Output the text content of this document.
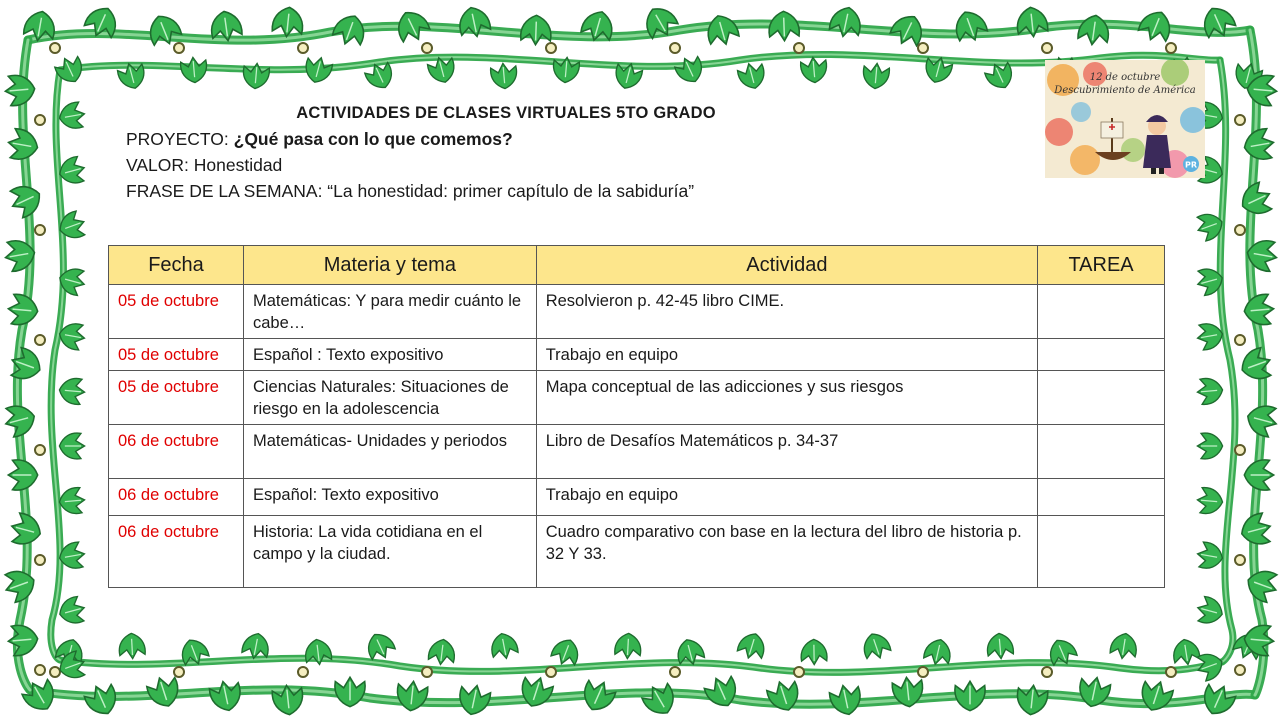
ACTIVIDADES DE CLASES VIRTUALES 5TO GRADO
PROYECTO: ¿Qué pasa con lo que comemos?
VALOR: Honestidad
FRASE DE LA SEMANA: “La honestidad: primer capítulo de la sabiduría”
12 de octubre
Descubrimiento de América
PR
Fecha	Materia y tema	Actividad	TAREA
05 de octubre	Matemáticas: Y para medir cuánto le cabe…	Resolvieron p. 42-45 libro CIME.	
05 de octubre	Español : Texto expositivo	Trabajo en equipo	
05 de octubre	Ciencias Naturales: Situaciones de riesgo en la adolescencia	Mapa conceptual de las adicciones y sus riesgos	
06 de octubre	Matemáticas- Unidades y periodos	Libro de Desafíos Matemáticos p. 34-37	
06 de octubre	Español: Texto expositivo	Trabajo en equipo	
06 de octubre	Historia: La vida cotidiana en el campo y la ciudad.	Cuadro comparativo con base en la lectura del libro de historia p. 32 Y 33.	
